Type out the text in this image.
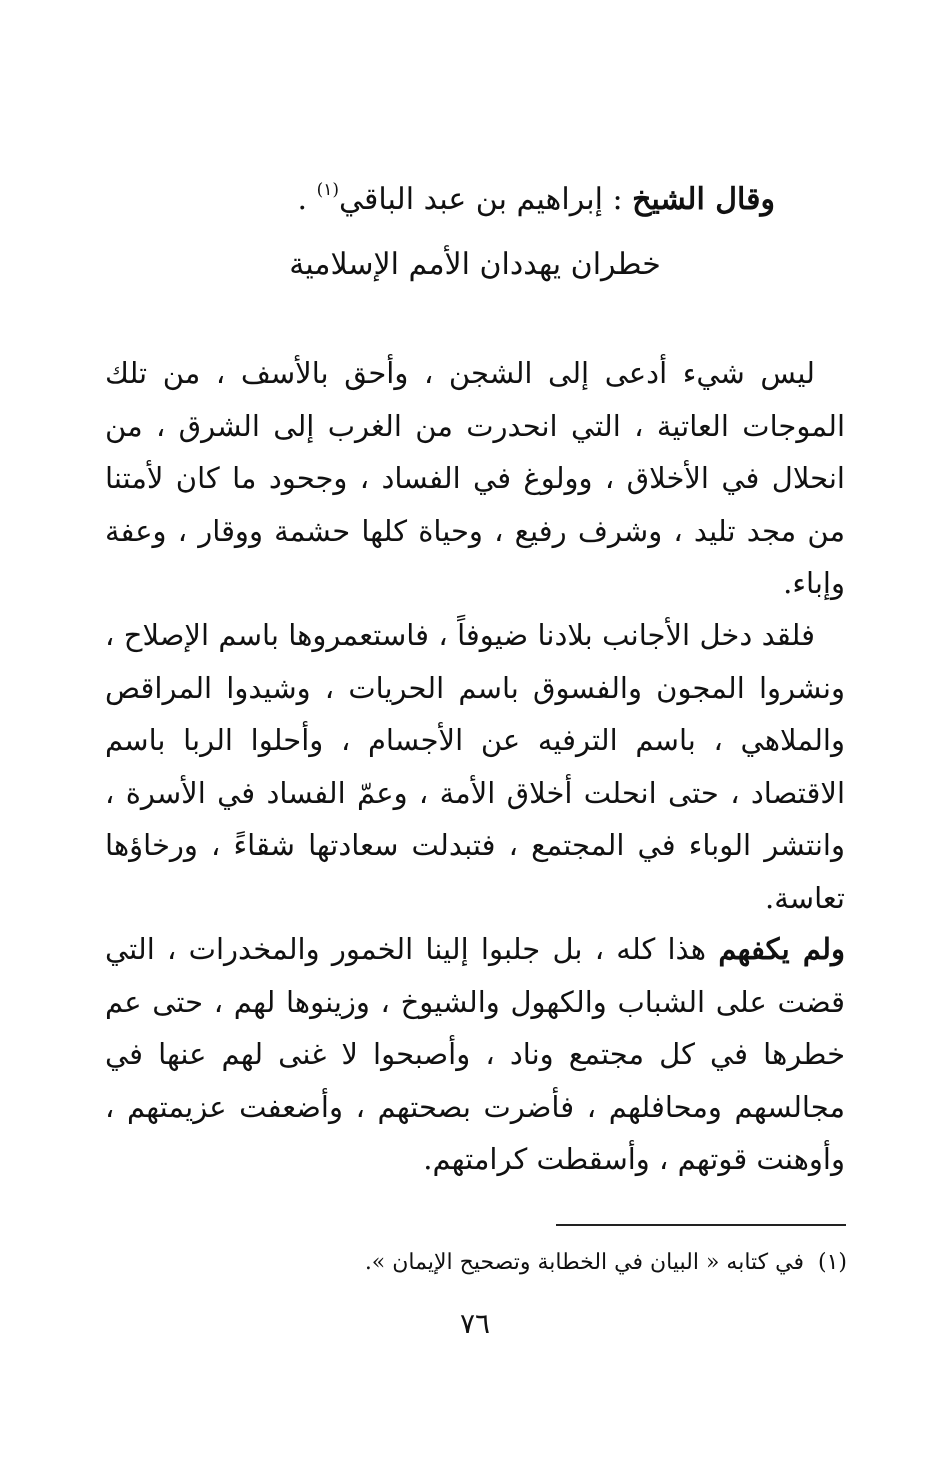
وقال الشيخ : إبراهيم بن عبد الباقي$^{(١)}$ .
خطران يهددان الأمم الإسلامية

ليس شيء أدعى إلى الشجن ، وأحق بالأسف ، من تلك الموجات العاتية ، التي انحدرت من الغرب إلى الشرق ، من انحلال في الأخلاق ، وولوغ في الفساد ، وجحود ما كان لأمتنا من مجد تليد ، وشرف رفيع ، وحياة كلها حشمة ووقار ، وعفة وإباء.

فلقد دخل الأجانب بلادنا ضيوفاً ، فاستعمروها باسم الإصلاح ، ونشروا المجون والفسوق باسم الحريات ، وشيدوا المراقص والملاهي ، باسم الترفيه عن الأجسام ، وأحلوا الربا باسم الاقتصاد ، حتى انحلت أخلاق الأمة ، وعمّ الفساد في الأسرة ، وانتشر الوباء في المجتمع ، فتبدلت سعادتها شقاءً ، ورخاؤها تعاسة.

ولم يكفهم هذا كله ، بل جلبوا إلينا الخمور والمخدرات ، التي قضت على الشباب والكهول والشيوخ ، وزينوها لهم ، حتى عم خطرها في كل مجتمع وناد ، وأصبحوا لا غنى لهم عنها في مجالسهم ومحافلهم ، فأضرت بصحتهم ، وأضعفت عزيمتهم ، وأوهنت قوتهم ، وأسقطت كرامتهم.

(١)في كتابه « البيان في الخطابة وتصحيح الإيمان ».
٧٦
